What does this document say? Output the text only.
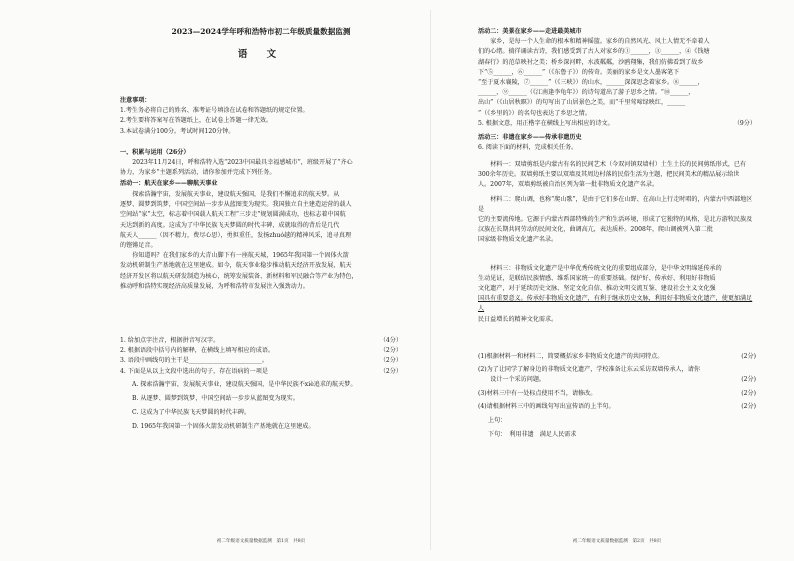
2023—2024学年呼和浩特市初二年级质量数据监测
语 文
注意事项：
1.考生务必将自己的姓名、准考证号填涂在试卷和答题纸的规定位置。
2.考生要将答案写在答题纸上，在试卷上答题一律无效。
3.本试卷满分100分。考试时间120分钟。
一、积累与运用（26分）
2023年11月24日，呼和浩特入选“2023中国最具幸福感城市”，班级开展了“齐心
协力，为家乡”主题系列活动，请你参加并完成下列任务。
活动一：航天在家乡——聊航天事业
探索浩瀚宇宙，发展航天事业，建设航天强国，是我们不懈追求的航天梦。从
逐梦、圆梦到筑梦，中国空间站一步步从蓝图变为现实。我国独立自主建造运营的载人
空间站“家”太空，标志着中国载人航天工程“三步走”规划圆满成功，也标志着中国航
天达到新的高度。这成为了中华民族飞天梦圆的时代丰碑，成就取得的背后是几代
航天人______（因不精力，费尽心思），勇担重任，发扬zhuó越的精神风采，追寻真理
的铿锵足音。
你知道吗？在我们家乡的大青山脚下有一座航天城，1965年我国第一个固体火箭
发动机研制生产基地就在这里建成。如今，航天事业稳步推动航天经济开放发展，航天
经济开发区将以航天研发制造为核心，统筹发展装备、新材料和军民融合等产业为特色，
推动呼和浩特实现经济高质量发展，为呼和浩特市发展注入强劲动力。
1. 给加点字注音，根据拼音写汉字。	（4分）
2. 根据语段中括号内的解释，在横线上填写相应的成语。	（2分）
3. 语段中画线句的主干是________________________。	（2分）
4. 下面是从以上文段中选出的句子，存在语病的一项是	（2分）
A. 探索浩瀚宇宙，发展航天事业，建设航天强国，是中华民族不xiè追求的航天梦。
B. 从逐梦、圆梦到筑梦，中国空间站一步步从蓝图变为现实。
C. 这成为了中华民族飞天梦圆的时代丰碑。
D. 1965年我国第一个固体火箭发动机研制生产基地就在这里建成。
初二年级语文质量数据监测　第1页　共8页
活动二：美景在家乡——走进最美城市
家乡，是每一个人生命的根本和精神摇篮。家乡的自然风光、风土人情无不牵着人
们的心绪。徜徉诵读古诗，我们感受到了古人对家乡的①______，③______，④《钱塘
湖春行》的范草映衬之美；桥乡深河畔，水波粼粼，沙鸥翔集，我们仿佛看到了故乡
下“⑤______，⑥______”（《东鲁子》）的传奇。美丽的家乡是文人墨客笔下
“至于夏水襄陵，⑦______”（《三峡》）的山水，______深深思念着家乡。⑧______，
______，⑨______（《江南逢李龟年》）的诗句道出了游子思乡之情。“⑩______，
出山”（《山居秋暝》）的句写出了山居景色之美，而“千里莺啼绿映红，______
”（《乡里的》）的名句也表达了乡思之情。
5. 根据文意，用正楷字在横线上写出相应的诗文。	（9分）
活动三：非遗在家乡——传承非遗历史
6. 阅读下面的材料，完成相关任务。
材料一：双墙剪纸是内蒙古有名的民间艺术（今双河镇双墙村）土生土长的民间剪纸形式，已有
300余年历史。双墙剪纸主要以双墙及其周边村落的民俗生活为主题，把民间美术的精品展示给世
人。2007年，双墙剪纸被自治区列为第一批非物质文化遗产名录。
材料二：爬山调，也称“爬山歌”，是由于它们多在山野、在高山上行走时唱的，内蒙古中西部地区是
它的主要流传地。它源于内蒙古西部特殊的生产和生活环境，形成了它独特的风格，是北方游牧民族及
汉族在长期共同劳动的民间文化，曲调高亢，表达质朴。2008年，爬山调被列入第二批
国家级非物质文化遗产名录。
材料三：非物质文化遗产是中华优秀传统文化的重要组成部分，是中华文明绵延传承的
生动见证，是联结民族情感、维系国家统一的重要基础。保护好、传承好、利用好非物质
文化遗产，对于延续历史文脉、坚定文化自信、推动文明交流互鉴、建设社会主义文化强
国具有重要意义。传承好非物质文化遗产，有利于继承历史文脉，利用好非物质文化遗产，使更加满足人
民日益增长的精神文化需求。
(1)根据材料一和材料二，简要概括家乡非物质文化遗产的共同特点。	(2分)
(2)为了让同学了解身边的非物质文化遗产，学校准备让东云采访双墙传承人，请你
　　设计一个采访问题。	(2分)
(3)材料三中有一处标点使用不当，请修改。	(2分)
(4)请根据材料三中的画线句写出宣传语的上半句。	(2分)
上句：
下句：　利用非遗　满足人民需求
初二年级语文质量数据监测　第2页　共8页
